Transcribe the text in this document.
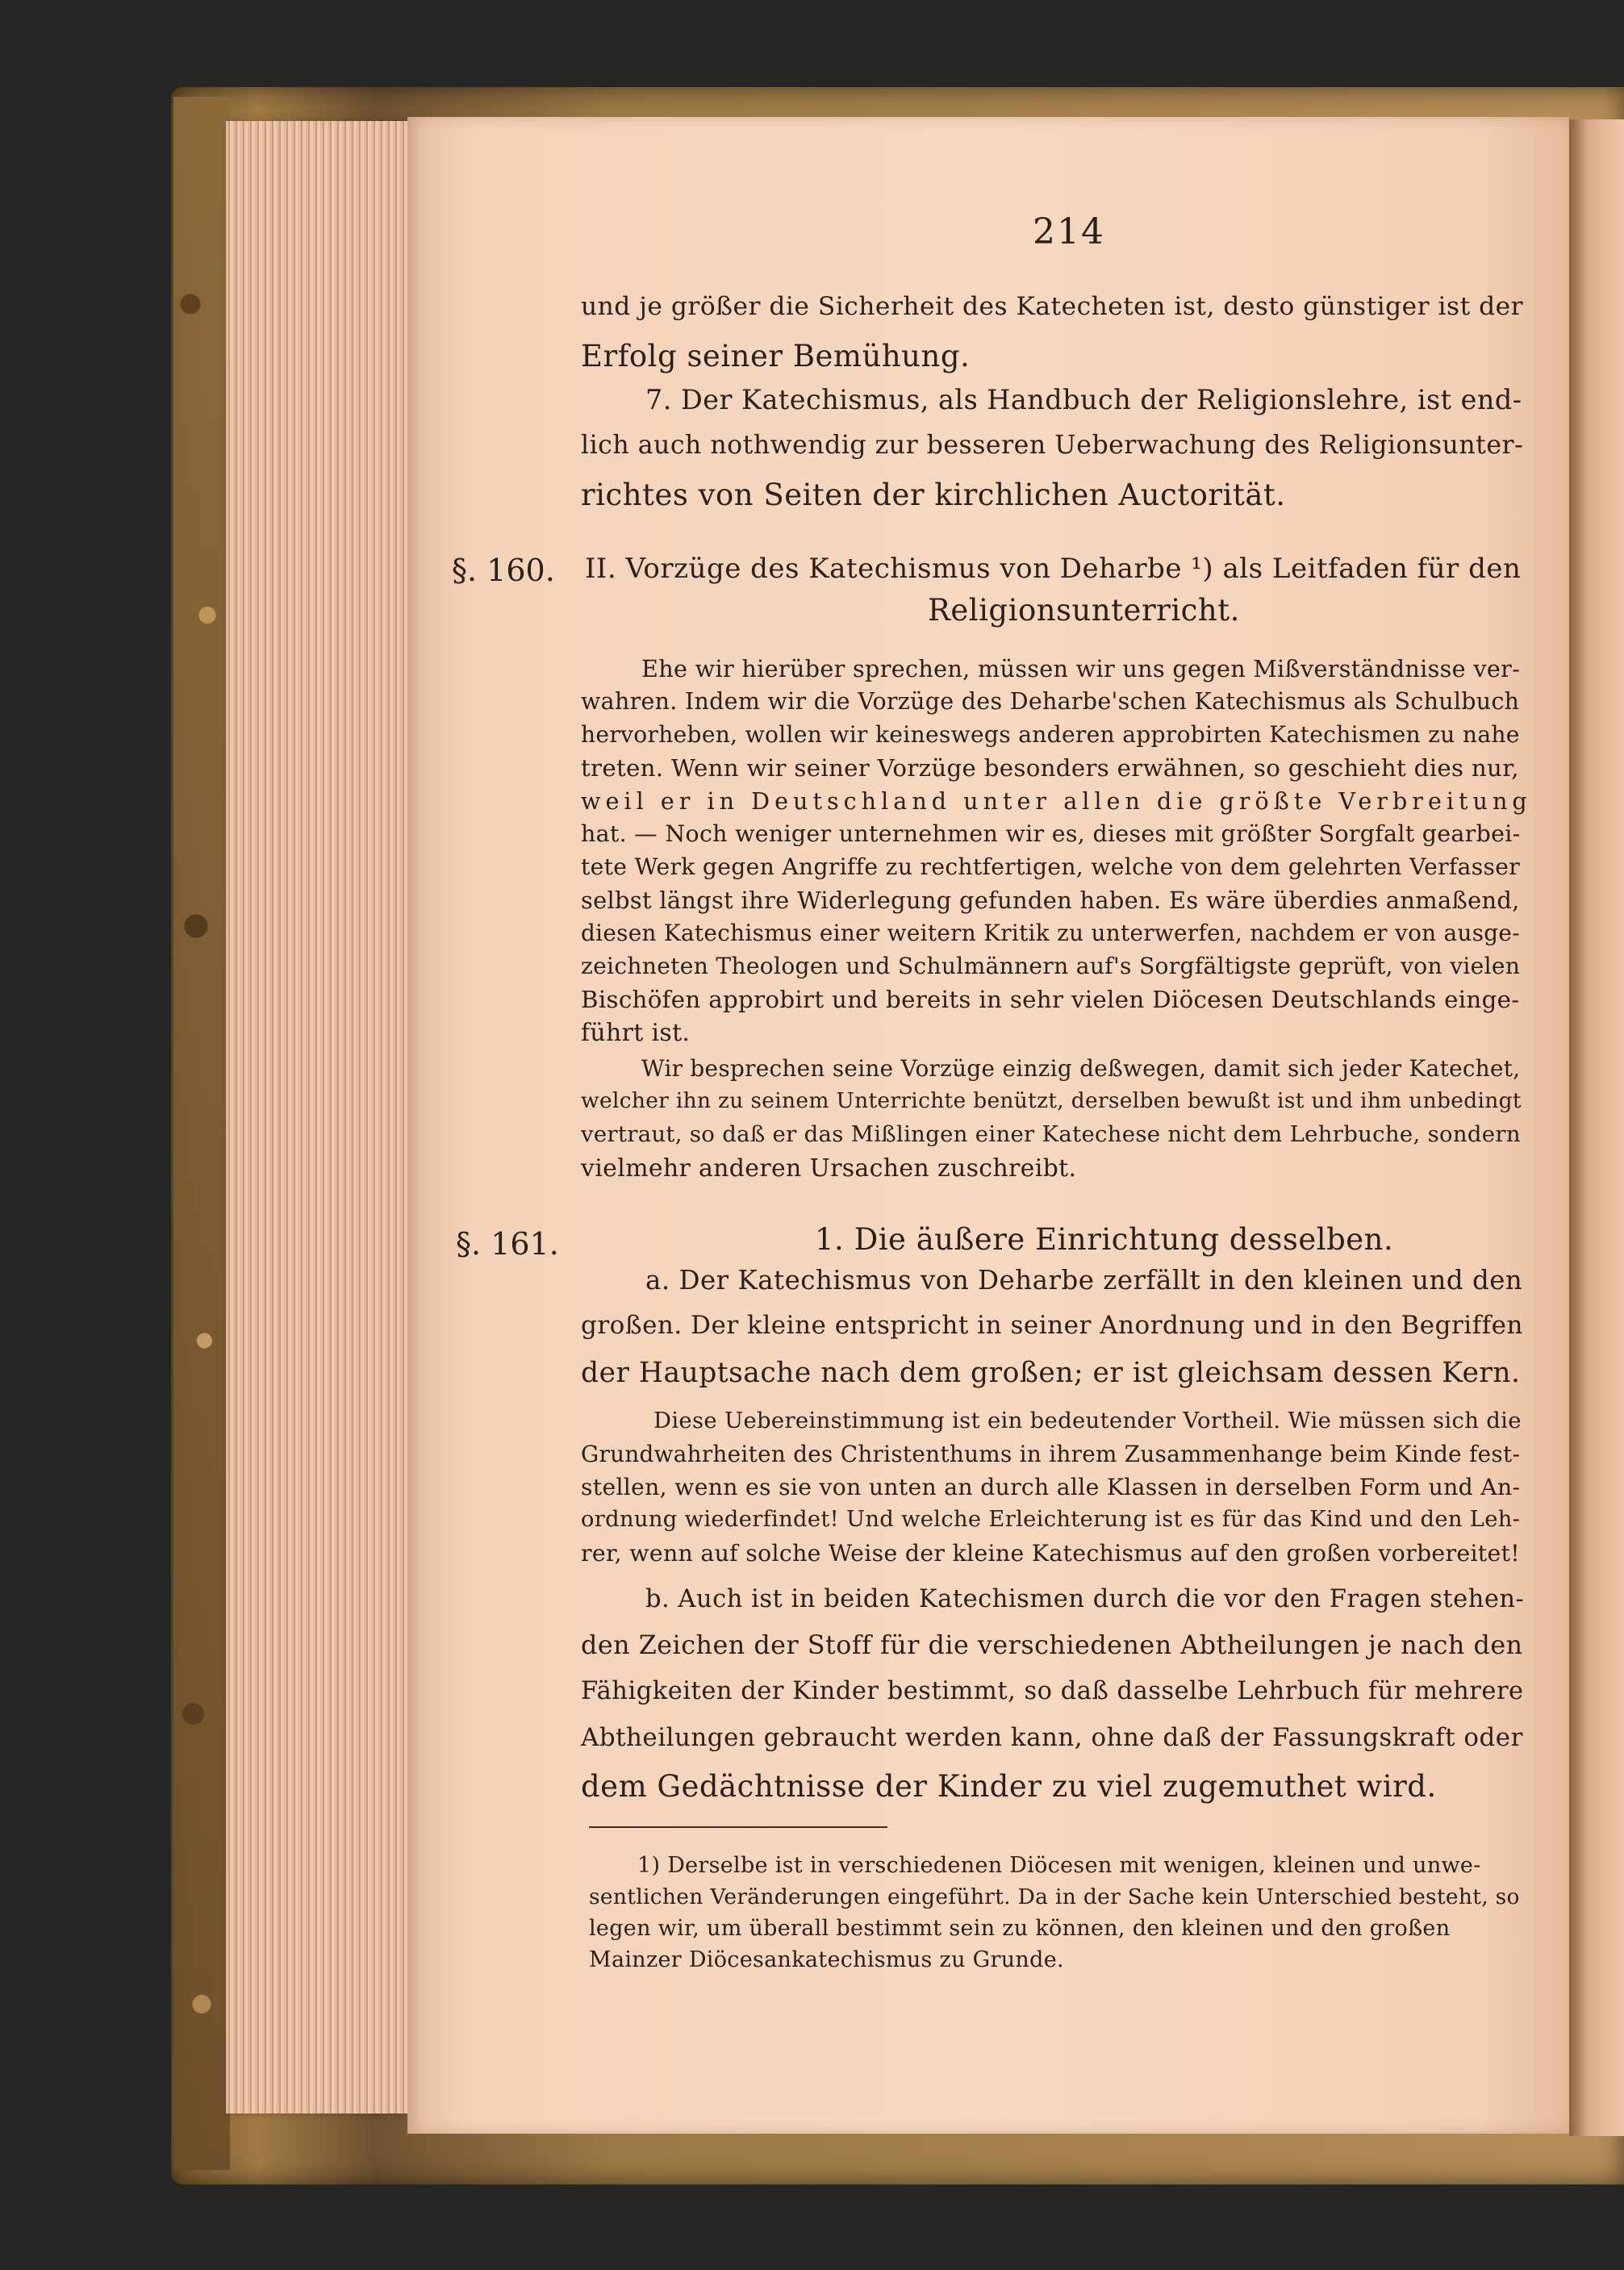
214
und je größer die Sicherheit des Katecheten ist, desto günstiger ist der
Erfolg seiner Bemühung.
7. Der Katechismus, als Handbuch der Religionslehre, ist end-
lich auch nothwendig zur besseren Ueberwachung des Religionsunter-
richtes von Seiten der kirchlichen Auctorität.
§. 160. II. Vorzüge des Katechismus von Deharbe ¹) als Leitfaden für den
Religionsunterricht.
Ehe wir hierüber sprechen, müssen wir uns gegen Mißverständnisse ver-
wahren. Indem wir die Vorzüge des Deharbe'schen Katechismus als Schulbuch
hervorheben, wollen wir keineswegs anderen approbirten Katechismen zu nahe
treten. Wenn wir seiner Vorzüge besonders erwähnen, so geschieht dies nur,
weil er in Deutschland unter allen die größte Verbreitung
hat. — Noch weniger unternehmen wir es, dieses mit größter Sorgfalt gearbei-
tete Werk gegen Angriffe zu rechtfertigen, welche von dem gelehrten Verfasser
selbst längst ihre Widerlegung gefunden haben. Es wäre überdies anmaßend,
diesen Katechismus einer weitern Kritik zu unterwerfen, nachdem er von ausge-
zeichneten Theologen und Schulmännern auf's Sorgfältigste geprüft, von vielen
Bischöfen approbirt und bereits in sehr vielen Diöcesen Deutschlands einge-
führt ist.
Wir besprechen seine Vorzüge einzig deßwegen, damit sich jeder Katechet,
welcher ihn zu seinem Unterrichte benützt, derselben bewußt ist und ihm unbedingt
vertraut, so daß er das Mißlingen einer Katechese nicht dem Lehrbuche, sondern
vielmehr anderen Ursachen zuschreibt.
§. 161.	1. Die äußere Einrichtung desselben.
a. Der Katechismus von Deharbe zerfällt in den kleinen und den
großen. Der kleine entspricht in seiner Anordnung und in den Begriffen
der Hauptsache nach dem großen; er ist gleichsam dessen Kern.
Diese Uebereinstimmung ist ein bedeutender Vortheil. Wie müssen sich die
Grundwahrheiten des Christenthums in ihrem Zusammenhange beim Kinde fest-
stellen, wenn es sie von unten an durch alle Klassen in derselben Form und An-
ordnung wiederfindet! Und welche Erleichterung ist es für das Kind und den Leh-
rer, wenn auf solche Weise der kleine Katechismus auf den großen vorbereitet!
b. Auch ist in beiden Katechismen durch die vor den Fragen stehen-
den Zeichen der Stoff für die verschiedenen Abtheilungen je nach den
Fähigkeiten der Kinder bestimmt, so daß dasselbe Lehrbuch für mehrere
Abtheilungen gebraucht werden kann, ohne daß der Fassungskraft oder
dem Gedächtnisse der Kinder zu viel zugemuthet wird.
1) Derselbe ist in verschiedenen Diöcesen mit wenigen, kleinen und unwe-
sentlichen Veränderungen eingeführt. Da in der Sache kein Unterschied besteht, so
legen wir, um überall bestimmt sein zu können, den kleinen und den großen
Mainzer Diöcesankatechismus zu Grunde.
